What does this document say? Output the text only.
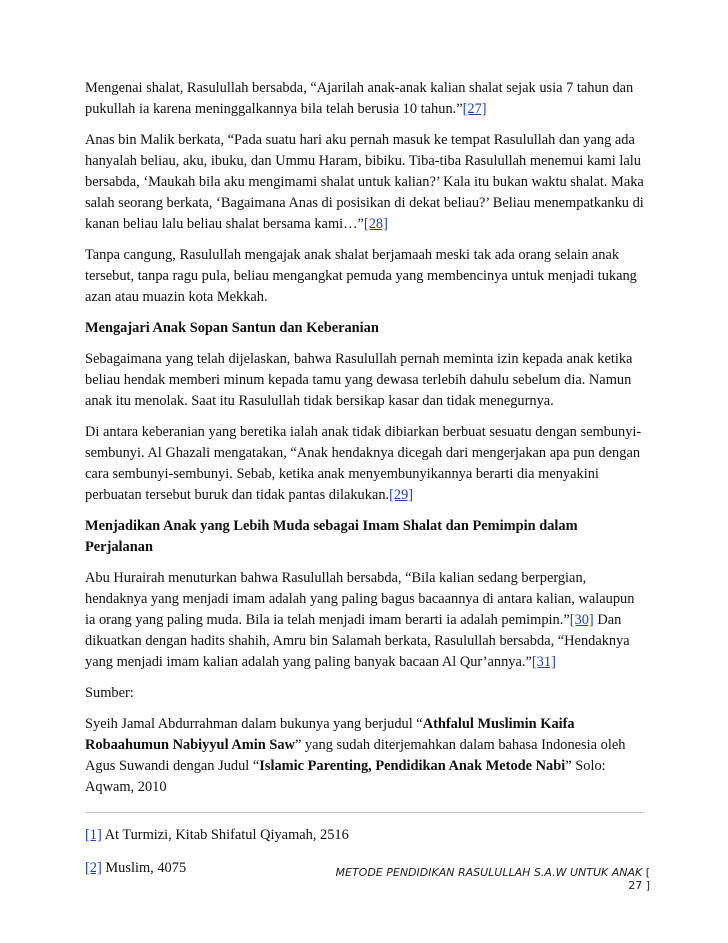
Mengenai shalat, Rasulullah bersabda, “Ajarilah anak-anak kalian shalat sejak usia 7 tahun dan pukullah ia karena meninggalkannya bila telah berusia 10 tahun.”[27]

Anas bin Malik berkata, “Pada suatu hari aku pernah masuk ke tempat Rasulullah dan yang ada hanyalah beliau, aku, ibuku, dan Ummu Haram, bibiku. Tiba-tiba Rasulullah menemui kami lalu bersabda, ‘Maukah bila aku mengimami shalat untuk kalian?’ Kala itu bukan waktu shalat. Maka salah seorang berkata, ‘Bagaimana Anas di posisikan di dekat beliau?’ Beliau menempatkanku di kanan beliau lalu beliau shalat bersama kami…”[28]

Tanpa cangung, Rasulullah mengajak anak shalat berjamaah meski tak ada orang selain anak tersebut, tanpa ragu pula, beliau mengangkat pemuda yang membencinya untuk menjadi tukang azan atau muazin kota Mekkah.

Mengajari Anak Sopan Santun dan Keberanian

Sebagaimana yang telah dijelaskan, bahwa Rasulullah pernah meminta izin kepada anak ketika beliau hendak memberi minum kepada tamu yang dewasa terlebih dahulu sebelum dia. Namun anak itu menolak. Saat itu Rasulullah tidak bersikap kasar dan tidak menegurnya.

Di antara keberanian yang beretika ialah anak tidak dibiarkan berbuat sesuatu dengan sembunyi-sembunyi. Al Ghazali mengatakan, “Anak hendaknya dicegah dari mengerjakan apa pun dengan cara sembunyi-sembunyi. Sebab, ketika anak menyembunyikannya berarti dia menyakini perbuatan tersebut buruk dan tidak pantas dilakukan.[29]

Menjadikan Anak yang Lebih Muda sebagai Imam Shalat dan Pemimpin dalam Perjalanan

Abu Hurairah menuturkan bahwa Rasulullah bersabda, “Bila kalian sedang berpergian, hendaknya yang menjadi imam adalah yang paling bagus bacaannya di antara kalian, walaupun ia orang yang paling muda. Bila ia telah menjadi imam berarti ia adalah pemimpin.”[30] Dan dikuatkan dengan hadits shahih, Amru bin Salamah berkata, Rasulullah bersabda, “Hendaknya yang menjadi imam kalian adalah yang paling banyak bacaan Al Qur’annya.”[31]

Sumber:

Syeih Jamal Abdurrahman dalam bukunya yang berjudul “Athfalul Muslimin Kaifa Robaahumun Nabiyyul Amin Saw” yang sudah diterjemahkan dalam bahasa Indonesia oleh Agus Suwandi dengan Judul “Islamic Parenting, Pendidikan Anak Metode Nabi” Solo: Aqwam, 2010

[1] At Turmizi, Kitab Shifatul Qiyamah, 2516

[2] Muslim, 4075	METODE PENDIDIKAN RASULULLAH S.A.W UNTUK ANAK [ 27 ]
